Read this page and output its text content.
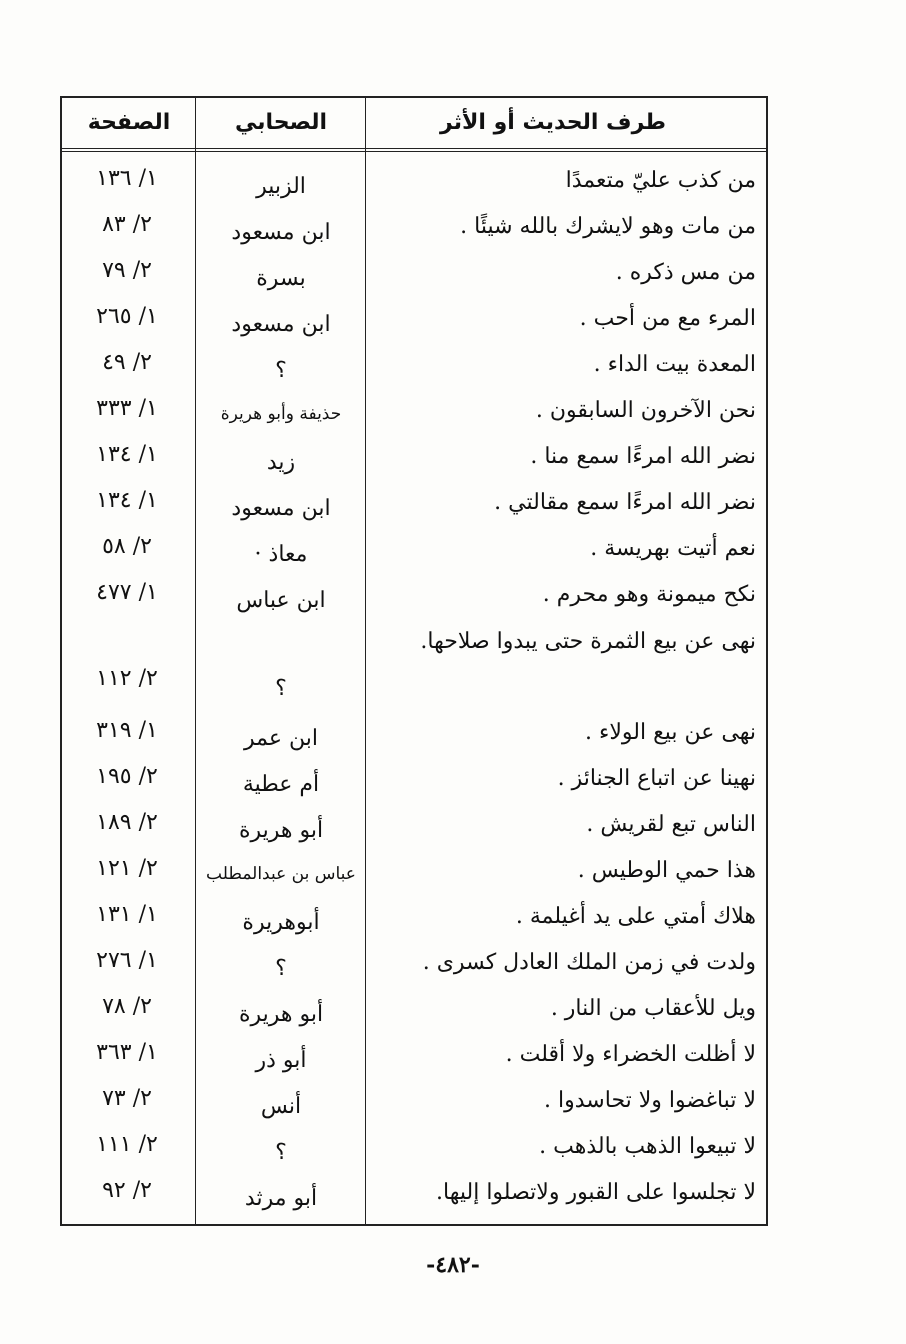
طرف الحديث أو الأثر
الصحابي
الصفحة
من كذب عليّ متعمدًا
الزبير
١/ ١٣٦
من مات وهو لايشرك بالله شيئًا .
ابن مسعود
٢/ ٨٣
من مس ذكره .
بسرة
٢/ ٧٩
المرء مع من أحب .
ابن مسعود
١/ ٢٦٥
المعدة بيت الداء .
؟
٢/ ٤٩
نحن الآخرون السابقون .
حذيفة وأبو هريرة
١/ ٣٣٣
نضر الله امرءًا سمع منا .
زيد
١/ ١٣٤
نضر الله امرءًا سمع مقالتي .
ابن مسعود
١/ ١٣٤
نعم أتيت بهريسة .
معاذ ·
٢/ ٥٨
نكح ميمونة وهو محرم .
ابن عباس
١/ ٤٧٧
نهى عن بيع الثمرة حتى يبدوا صلاحها.
؟
٢/ ١١٢
نهى عن بيع الولاء .
ابن عمر
١/ ٣١٩
نهينا عن اتباع الجنائز .
أم عطية
٢/ ١٩٥
الناس تبع لقريش .
أبو هريرة
٢/ ١٨٩
هذا حمي الوطيس .
عباس بن عبدالمطلب
٢/ ١٢١
هلاك أمتي على يد أغيلمة .
أبوهريرة
١/ ١٣١
ولدت في زمن الملك العادل كسرى .
؟
١/ ٢٧٦
ويل للأعقاب من النار .
أبو هريرة
٢/ ٧٨
لا أظلت الخضراء ولا أقلت .
أبو ذر
١/ ٣٦٣
لا تباغضوا ولا تحاسدوا .
أنس
٢/ ٧٣
لا تبيعوا الذهب بالذهب .
؟
٢/ ١١١
لا تجلسوا على القبور ولاتصلوا إليها.
أبو مرثد
٢/ ٩٢
-٤٨٢-
